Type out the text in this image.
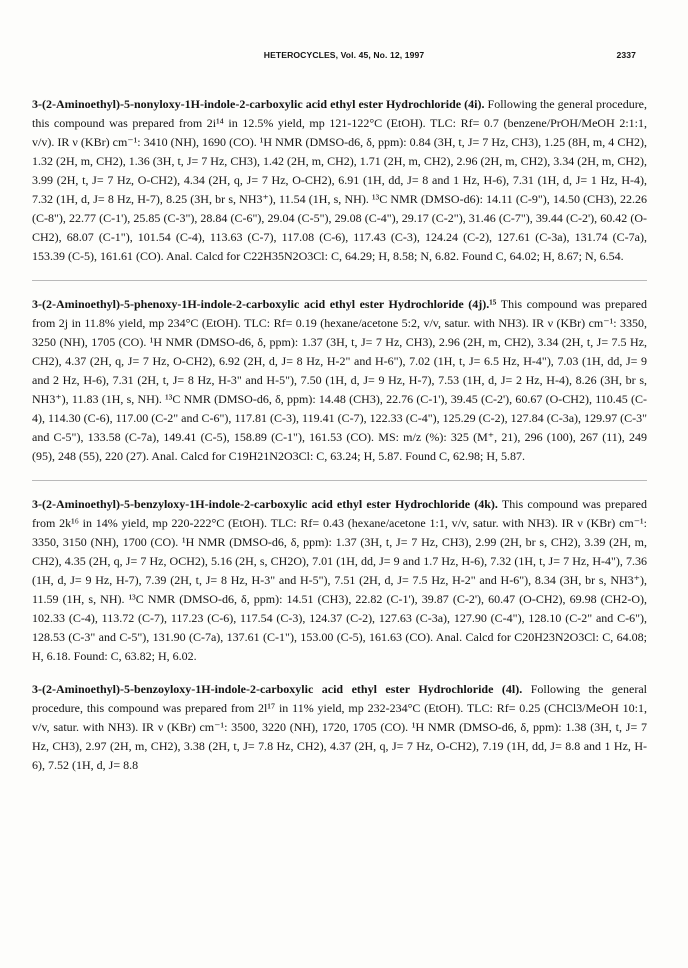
HETEROCYCLES, Vol. 45, No. 12, 1997	2337

3-(2-Aminoethyl)-5-nonyloxy-1H-indole-2-carboxylic acid ethyl ester Hydrochloride (4i). Following the general procedure, this compound was prepared from 2i¹⁴ in 12.5% yield, mp 121-122°C (EtOH). TLC: Rf= 0.7 (benzene/PrOH/MeOH 2:1:1, v/v). IR ν (KBr) cm⁻¹: 3410 (NH), 1690 (CO). ¹H NMR (DMSO-d6, δ, ppm): 0.84 (3H, t, J= 7 Hz, CH3), 1.25 (8H, m, 4 CH2), 1.32 (2H, m, CH2), 1.36 (3H, t, J= 7 Hz, CH3), 1.42 (2H, m, CH2), 1.71 (2H, m, CH2), 2.96 (2H, m, CH2), 3.34 (2H, m, CH2), 3.99 (2H, t, J= 7 Hz, O-CH2), 4.34 (2H, q, J= 7 Hz, O-CH2), 6.91 (1H, dd, J= 8 and 1 Hz, H-6), 7.31 (1H, d, J= 1 Hz, H-4), 7.32 (1H, d, J= 8 Hz, H-7), 8.25 (3H, br s, NH3⁺), 11.54 (1H, s, NH). ¹³C NMR (DMSO-d6): 14.11 (C-9"), 14.50 (CH3), 22.26 (C-8"), 22.77 (C-1'), 25.85 (C-3"), 28.84 (C-6"), 29.04 (C-5"), 29.08 (C-4"), 29.17 (C-2"), 31.46 (C-7"), 39.44 (C-2'), 60.42 (O-CH2), 68.07 (C-1"), 101.54 (C-4), 113.63 (C-7), 117.08 (C-6), 117.43 (C-3), 124.24 (C-2), 127.61 (C-3a), 131.74 (C-7a), 153.39 (C-5), 161.61 (CO). Anal. Calcd for C22H35N2O3Cl: C, 64.29; H, 8.58; N, 6.82. Found C, 64.02; H, 8.67; N, 6.54.

3-(2-Aminoethyl)-5-phenoxy-1H-indole-2-carboxylic acid ethyl ester Hydrochloride (4j).¹⁵ This compound was prepared from 2j in 11.8% yield, mp 234°C (EtOH). TLC: Rf= 0.19 (hexane/acetone 5:2, v/v, satur. with NH3). IR ν (KBr) cm⁻¹: 3350, 3250 (NH), 1705 (CO). ¹H NMR (DMSO-d6, δ, ppm): 1.37 (3H, t, J= 7 Hz, CH3), 2.96 (2H, m, CH2), 3.34 (2H, t, J= 7.5 Hz, CH2), 4.37 (2H, q, J= 7 Hz, O-CH2), 6.92 (2H, d, J= 8 Hz, H-2" and H-6"), 7.02 (1H, t, J= 6.5 Hz, H-4"), 7.03 (1H, dd, J= 9 and 2 Hz, H-6), 7.31 (2H, t, J= 8 Hz, H-3" and H-5"), 7.50 (1H, d, J= 9 Hz, H-7), 7.53 (1H, d, J= 2 Hz, H-4), 8.26 (3H, br s, NH3⁺), 11.83 (1H, s, NH). ¹³C NMR (DMSO-d6, δ, ppm): 14.48 (CH3), 22.76 (C-1'), 39.45 (C-2'), 60.67 (O-CH2), 110.45 (C-4), 114.30 (C-6), 117.00 (C-2" and C-6"), 117.81 (C-3), 119.41 (C-7), 122.33 (C-4"), 125.29 (C-2), 127.84 (C-3a), 129.97 (C-3" and C-5"), 133.58 (C-7a), 149.41 (C-5), 158.89 (C-1"), 161.53 (CO). MS: m/z (%): 325 (M⁺, 21), 296 (100), 267 (11), 249 (95), 248 (55), 220 (27). Anal. Calcd for C19H21N2O3Cl: C, 63.24; H, 5.87. Found C, 62.98; H, 5.87.

3-(2-Aminoethyl)-5-benzyloxy-1H-indole-2-carboxylic acid ethyl ester Hydrochloride (4k). This compound was prepared from 2k¹⁶ in 14% yield, mp 220-222°C (EtOH). TLC: Rf= 0.43 (hexane/acetone 1:1, v/v, satur. with NH3). IR ν (KBr) cm⁻¹: 3350, 3150 (NH), 1700 (CO). ¹H NMR (DMSO-d6, δ, ppm): 1.37 (3H, t, J= 7 Hz, CH3), 2.99 (2H, br s, CH2), 3.39 (2H, m, CH2), 4.35 (2H, q, J= 7 Hz, OCH2), 5.16 (2H, s, CH2O), 7.01 (1H, dd, J= 9 and 1.7 Hz, H-6), 7.32 (1H, t, J= 7 Hz, H-4"), 7.36 (1H, d, J= 9 Hz, H-7), 7.39 (2H, t, J= 8 Hz, H-3" and H-5"), 7.51 (2H, d, J= 7.5 Hz, H-2" and H-6"), 8.34 (3H, br s, NH3⁺), 11.59 (1H, s, NH). ¹³C NMR (DMSO-d6, δ, ppm): 14.51 (CH3), 22.82 (C-1'), 39.87 (C-2'), 60.47 (O-CH2), 69.98 (CH2-O), 102.33 (C-4), 113.72 (C-7), 117.23 (C-6), 117.54 (C-3), 124.37 (C-2), 127.63 (C-3a), 127.90 (C-4"), 128.10 (C-2" and C-6"), 128.53 (C-3" and C-5"), 131.90 (C-7a), 137.61 (C-1"), 153.00 (C-5), 161.63 (CO). Anal. Calcd for C20H23N2O3Cl: C, 64.08; H, 6.18. Found: C, 63.82; H, 6.02.

3-(2-Aminoethyl)-5-benzoyloxy-1H-indole-2-carboxylic acid ethyl ester Hydrochloride (4l). Following the general procedure, this compound was prepared from 2l¹⁷ in 11% yield, mp 232-234°C (EtOH). TLC: Rf= 0.25 (CHCl3/MeOH 10:1, v/v, satur. with NH3). IR ν (KBr) cm⁻¹: 3500, 3220 (NH), 1720, 1705 (CO). ¹H NMR (DMSO-d6, δ, ppm): 1.38 (3H, t, J= 7 Hz, CH3), 2.97 (2H, m, CH2), 3.38 (2H, t, J= 7.8 Hz, CH2), 4.37 (2H, q, J= 7 Hz, O-CH2), 7.19 (1H, dd, J= 8.8 and 1 Hz, H-6), 7.52 (1H, d, J= 8.8
